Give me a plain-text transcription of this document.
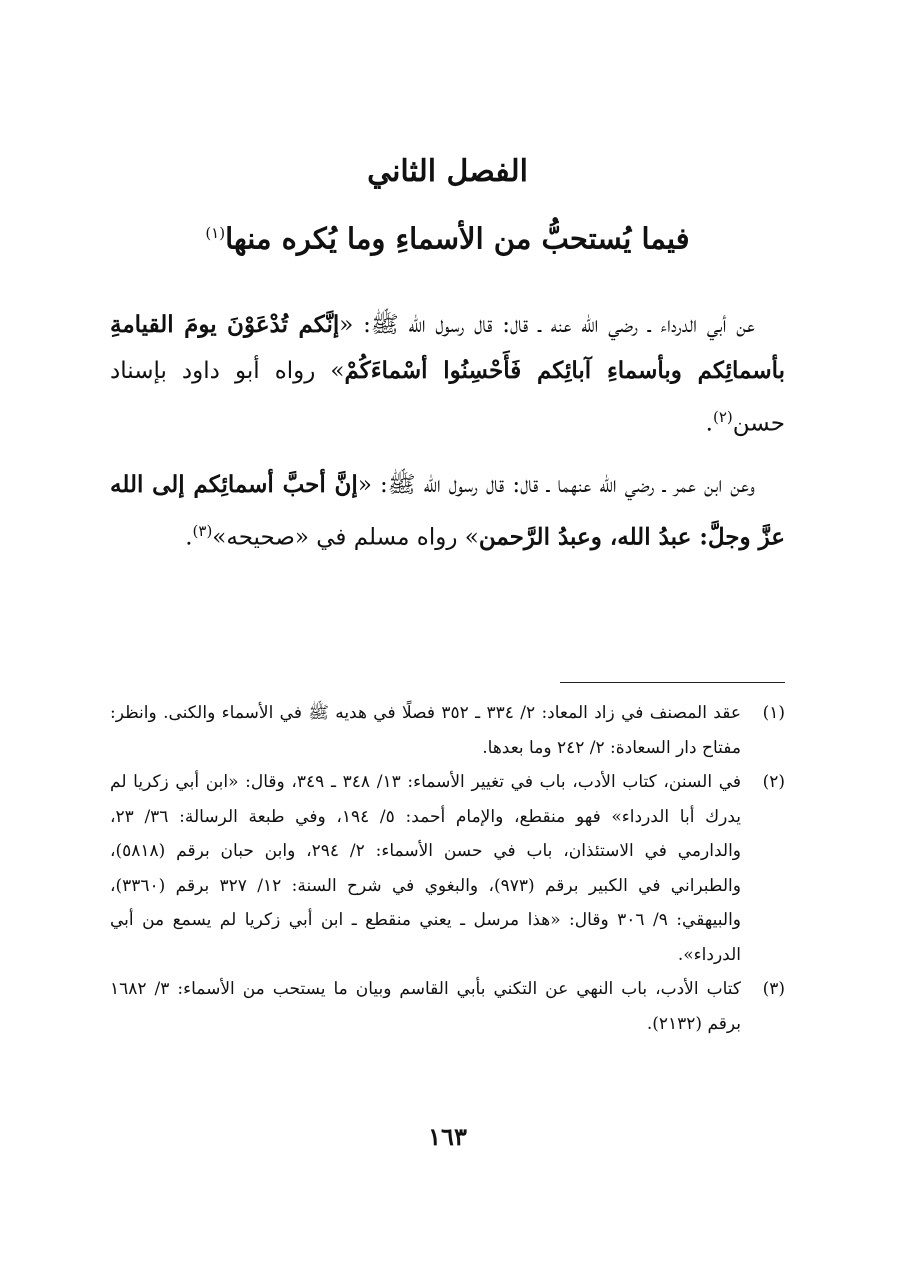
الفصل الثاني
فيما يُستحبُّ من الأسماءِ وما يُكره منها$^{(١)}$
عن أبي الدرداء ـ رضي الله عنه ـ قال: قال رسول الله ﷺ: «إنَّكم تُدْعَوْنَ يومَ القيامةِ بأسمائِكم وبأسماءِ آبائِكم فَأَحْسِنُوا أسْماءَكُمْ» رواه أبو داود بإسناد حسن$^{(٢)}$.
وعن ابن عمر ـ رضي الله عنهما ـ قال: قال رسول الله ﷺ: «إنَّ أحبَّ أسمائِكم إلى الله عزَّ وجلَّ: عبدُ الله، وعبدُ الرَّحمن» رواه مسلم في «صحيحه»$^{(٣)}$.
(١)
عقد المصنف في زاد المعاد: ٢/ ٣٣٤ ـ ٣٥٢ فصلًا في هديه ﷺ في الأسماء والكنى. وانظر: مفتاح دار السعادة: ٢/ ٢٤٢ وما بعدها.
(٢)
في السنن، كتاب الأدب، باب في تغيير الأسماء: ١٣/ ٣٤٨ ـ ٣٤٩، وقال: «ابن أبي زكريا لم يدرك أبا الدرداء» فهو منقطع، والإمام أحمد: ٥/ ١٩٤، وفي طبعة الرسالة: ٣٦/ ٢٣، والدارمي في الاستئذان، باب في حسن الأسماء: ٢/ ٢٩٤، وابن حبان برقم (٥٨١٨)، والطبراني في الكبير برقم (٩٧٣)، والبغوي في شرح السنة: ١٢/ ٣٢٧ برقم (٣٣٦٠)، والبيهقي: ٩/ ٣٠٦ وقال: «هذا مرسل ـ يعني منقطع ـ ابن أبي زكريا لم يسمع من أبي الدرداء».
(٣)
كتاب الأدب، باب النهي عن التكني بأبي القاسم وبيان ما يستحب من الأسماء: ٣/ ١٦٨٢ برقم (٢١٣٢).
١٦٣
